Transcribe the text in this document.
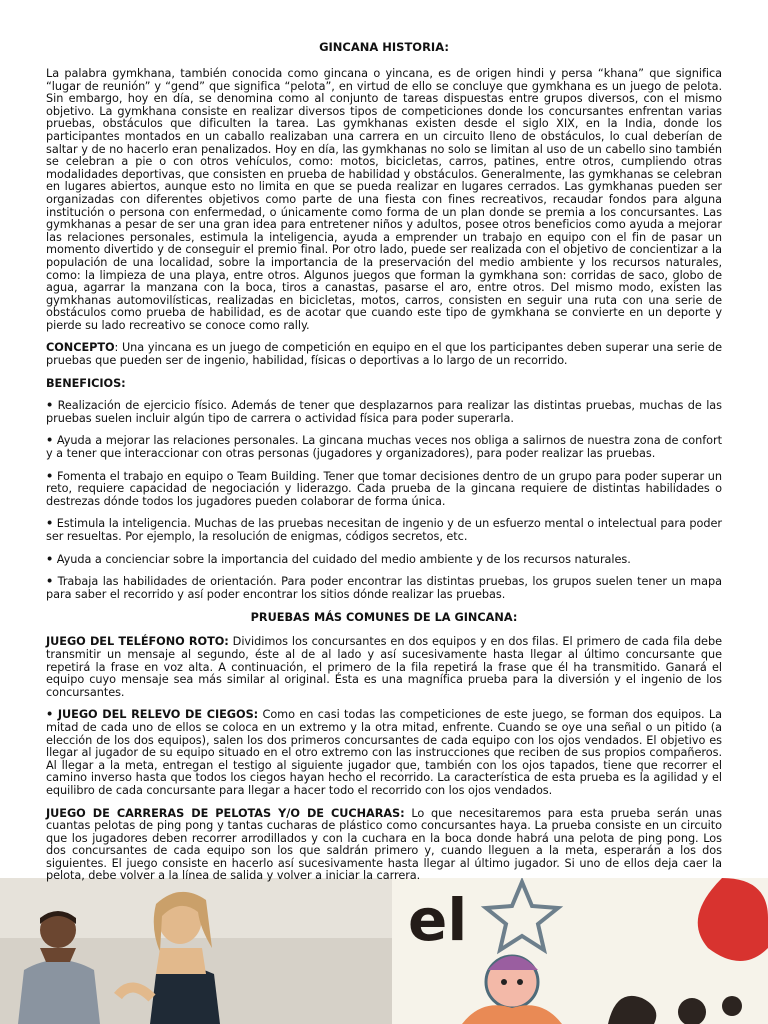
el
GINCANA HISTORIA:

La palabra gymkhana, también conocida como gincana o yincana, es de origen hindi y persa “khana” que significa “lugar de reunión” y “gend” que significa “pelota”, en virtud de ello se concluye que gymkhana es un juego de pelota. Sin embargo, hoy en día, se denomina como al conjunto de tareas dispuestas entre grupos diversos, con el mismo objetivo. La gymkhana consiste en realizar diversos tipos de competiciones donde los concursantes enfrentan varias pruebas, obstáculos que dificulten la tarea. Las gymkhanas existen desde el siglo XIX, en la India, donde los participantes montados en un caballo realizaban una carrera en un circuito lleno de obstáculos, lo cual deberían de saltar y de no hacerlo eran penalizados. Hoy en día, las gymkhanas no solo se limitan al uso de un cabello sino también se celebran a pie o con otros vehículos, como: motos, bicicletas, carros, patines, entre otros, cumpliendo otras modalidades deportivas, que consisten en prueba de habilidad y obstáculos. Generalmente, las gymkhanas se celebran en lugares abiertos, aunque esto no limita en que se pueda realizar en lugares cerrados. Las gymkhanas pueden ser organizadas con diferentes objetivos como parte de una fiesta con fines recreativos, recaudar fondos para alguna institución o persona con enfermedad, o únicamente como forma de un plan donde se premia a los concursantes. Las gymkhanas a pesar de ser una gran idea para entretener niños y adultos, posee otros beneficios como ayuda a mejorar las relaciones personales, estimula la inteligencia, ayuda a emprender un trabajo en equipo con el fin de pasar un momento divertido y de conseguir el premio final. Por otro lado, puede ser realizada con el objetivo de concientizar a la populación de una localidad, sobre la importancia de la preservación del medio ambiente y los recursos naturales, como: la limpieza de una playa, entre otros. Algunos juegos que forman la gymkhana son: corridas de saco, globo de agua, agarrar la manzana con la boca, tiros a canastas, pasarse el aro, entre otros. Del mismo modo, existen las gymkhanas automovilísticas, realizadas en bicicletas, motos, carros, consisten en seguir una ruta con una serie de obstáculos como prueba de habilidad, es de acotar que cuando este tipo de gymkhana se convierte en un deporte y pierde su lado recreativo se conoce como rally.

CONCEPTO: Una yincana es un juego de competición en equipo en el que los participantes deben superar una serie de pruebas que pueden ser de ingenio, habilidad, físicas o deportivas a lo largo de un recorrido.

BENEFICIOS:

• Realización de ejercicio físico. Además de tener que desplazarnos para realizar las distintas pruebas, muchas de las pruebas suelen incluir algún tipo de carrera o actividad física para poder superarla.

• Ayuda a mejorar las relaciones personales. La gincana muchas veces nos obliga a salirnos de nuestra zona de confort y a tener que interaccionar con otras personas (jugadores y organizadores), para poder realizar las pruebas.

• Fomenta el trabajo en equipo o Team Building. Tener que tomar decisiones dentro de un grupo para poder superar un reto, requiere capacidad de negociación y liderazgo. Cada prueba de la gincana requiere de distintas habilidades o destrezas dónde todos los jugadores pueden colaborar de forma única.

• Estimula la inteligencia. Muchas de las pruebas necesitan de ingenio y de un esfuerzo mental o intelectual para poder ser resueltas. Por ejemplo, la resolución de enigmas, códigos secretos, etc.

• Ayuda a concienciar sobre la importancia del cuidado del medio ambiente y de los recursos naturales.

• Trabaja las habilidades de orientación. Para poder encontrar las distintas pruebas, los grupos suelen tener un mapa para saber el recorrido y así poder encontrar los sitios dónde realizar las pruebas.

PRUEBAS MÁS COMUNES DE LA GINCANA:

JUEGO DEL TELÉFONO ROTO: Dividimos los concursantes en dos equipos y en dos filas. El primero de cada fila debe transmitir un mensaje al segundo, éste al de al lado y así sucesivamente hasta llegar al último concursante que repetirá la frase en voz alta. A continuación, el primero de la fila repetirá la frase que él ha transmitido. Ganará el equipo cuyo mensaje sea más similar al original. Ésta es una magnífica prueba para la diversión y el ingenio de los concursantes.

• JUEGO DEL RELEVO DE CIEGOS: Como en casi todas las competiciones de este juego, se forman dos equipos. La mitad de cada uno de ellos se coloca en un extremo y la otra mitad, enfrente. Cuando se oye una señal o un pitido (a elección de los dos equipos), salen los dos primeros concursantes de cada equipo con los ojos vendados. El objetivo es llegar al jugador de su equipo situado en el otro extremo con las instrucciones que reciben de sus propios compañeros. Al llegar a la meta, entregan el testigo al siguiente jugador que, también con los ojos tapados, tiene que recorrer el camino inverso hasta que todos los ciegos hayan hecho el recorrido. La característica de esta prueba es la agilidad y el equilibro de cada concursante para llegar a hacer todo el recorrido con los ojos vendados.

JUEGO DE CARRERAS DE PELOTAS Y/O DE CUCHARAS: Lo que necesitaremos para esta prueba serán unas cuantas pelotas de ping pong y tantas cucharas de plástico como concursantes haya. La prueba consiste en un circuito que los jugadores deben recorrer arrodillados y con la cuchara en la boca donde habrá una pelota de ping pong. Los dos concursantes de cada equipo son los que saldrán primero y, cuando lleguen a la meta, esperarán a los dos siguientes. El juego consiste en hacerlo así sucesivamente hasta llegar al último jugador. Si uno de ellos deja caer la pelota, debe volver a la línea de salida y volver a iniciar la carrera.
